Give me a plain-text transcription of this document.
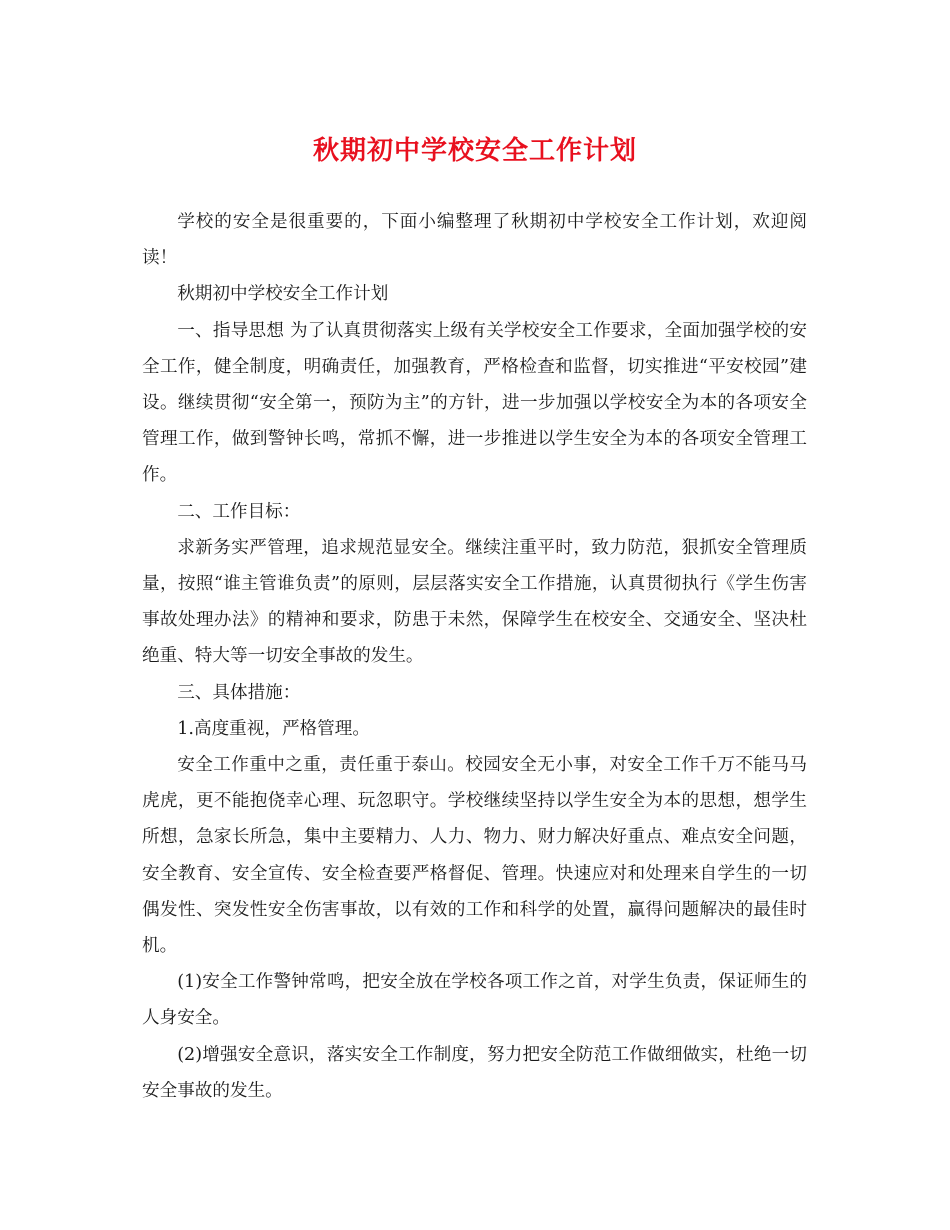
秋期初中学校安全工作计划

学校的安全是很重要的，下面小编整理了秋期初中学校安全工作计划，欢迎阅读！

秋期初中学校安全工作计划

一、指导思想 为了认真贯彻落实上级有关学校安全工作要求，全面加强学校的安全工作，健全制度，明确责任，加强教育，严格检查和监督，切实推进“平安校园”建设。继续贯彻“安全第一，预防为主”的方针，进一步加强以学校安全为本的各项安全管理工作，做到警钟长鸣，常抓不懈，进一步推进以学生安全为本的各项安全管理工作。

二、工作目标：

求新务实严管理，追求规范显安全。继续注重平时，致力防范，狠抓安全管理质量，按照“谁主管谁负责”的原则，层层落实安全工作措施，认真贯彻执行《学生伤害事故处理办法》的精神和要求，防患于未然，保障学生在校安全、交通安全、坚决杜绝重、特大等一切安全事故的发生。

三、具体措施：

1.高度重视，严格管理。

安全工作重中之重，责任重于泰山。校园安全无小事，对安全工作千万不能马马虎虎，更不能抱侥幸心理、玩忽职守。学校继续坚持以学生安全为本的思想，想学生所想，急家长所急，集中主要精力、人力、物力、财力解决好重点、难点安全问题，安全教育、安全宣传、安全检查要严格督促、管理。快速应对和处理来自学生的一切偶发性、突发性安全伤害事故，以有效的工作和科学的处置，赢得问题解决的最佳时机。

(1)安全工作警钟常鸣，把安全放在学校各项工作之首，对学生负责，保证师生的人身安全。

(2)增强安全意识，落实安全工作制度，努力把安全防范工作做细做实，杜绝一切安全事故的发生。
